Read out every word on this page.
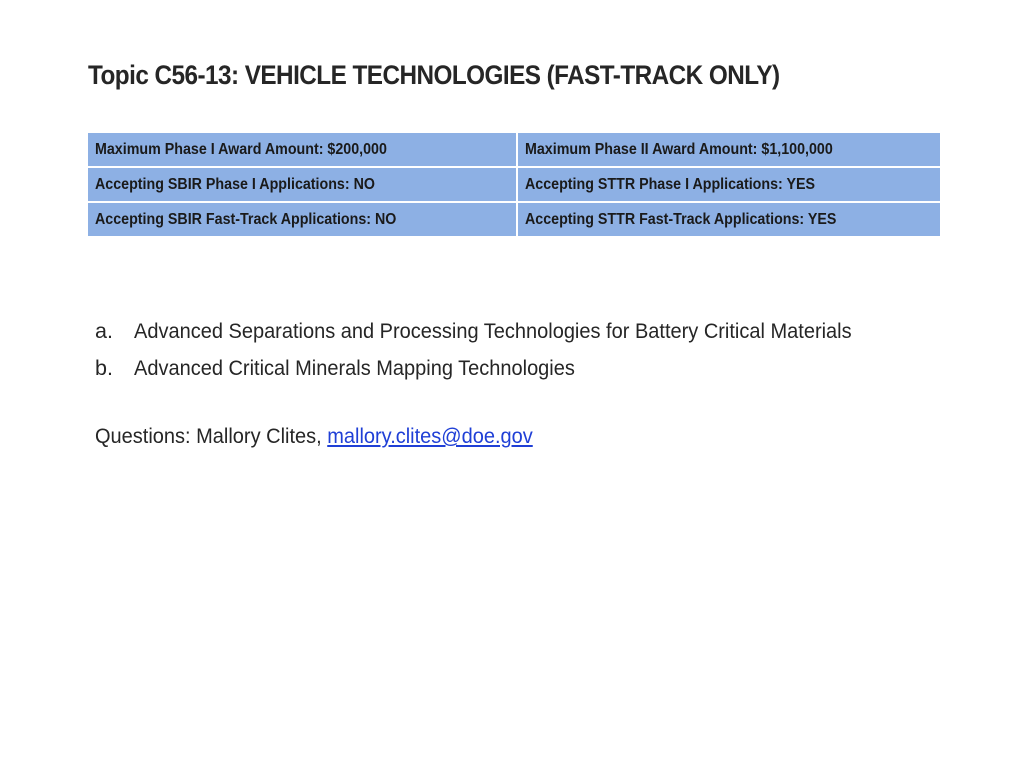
Topic C56-13: VEHICLE TECHNOLOGIES (FAST-TRACK ONLY)
Maximum Phase I Award Amount: $200,000	Maximum Phase II Award Amount: $1,100,000
Accepting SBIR Phase I Applications: NO	Accepting STTR Phase I Applications: YES
Accepting SBIR Fast-Track Applications: NO	Accepting STTR Fast-Track Applications: YES
a. Advanced Separations and Processing Technologies for Battery Critical Materials
b. Advanced Critical Minerals Mapping Technologies
Questions: Mallory Clites, mallory.clites@doe.gov
